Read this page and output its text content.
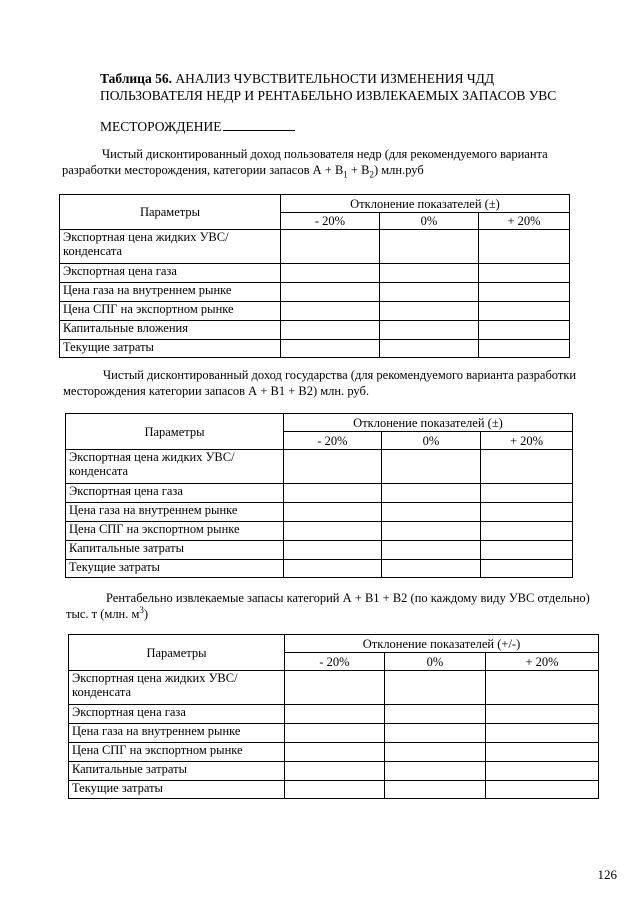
Таблица 56. АНАЛИЗ ЧУВСТВИТЕЛЬНОСТИ ИЗМЕНЕНИЯ ЧДД ПОЛЬЗОВАТЕЛЯ НЕДР И РЕНТАБЕЛЬНО ИЗВЛЕКАЕМЫХ ЗАПАСОВ УВС
МЕСТОРОЖДЕНИЕ
Чистый дисконтированный доход пользователя недр (для рекомендуемого варианта разработки месторождения, категории запасов $А + В_1 + В_2$) млн.руб
Параметры	Отклонение показателей (±)		
	- 20%	0%	+ 20%
Экспортная цена жидких УВС/конденсата			
Экспортная цена газа			
Цена газа на внутреннем рынке			
Цена СПГ на экспортном рынке			
Капитальные вложения			
Текущие затраты			
Чистый дисконтированный доход государства (для рекомендуемого варианта разработки месторождения категории запасов А + В1 + В2) млн. руб.
Параметры	Отклонение показателей (±)		
	- 20%	0%	+ 20%
Экспортная цена жидких УВС/конденсата			
Экспортная цена газа			
Цена газа на внутреннем рынке			
Цена СПГ на экспортном рынке			
Капитальные затраты			
Текущие затраты			
Рентабельно извлекаемые запасы категорий А + В1 + В2 (по каждому виду УВС отдельно) тыс. т (млн. $м^3$)
Параметры	Отклонение показателей (+/-)		
	- 20%	0%	+ 20%
Экспортная цена жидких УВС/конденсата			
Экспортная цена газа			
Цена газа на внутреннем рынке			
Цена СПГ на экспортном рынке			
Капитальные затраты			
Текущие затраты			
126
